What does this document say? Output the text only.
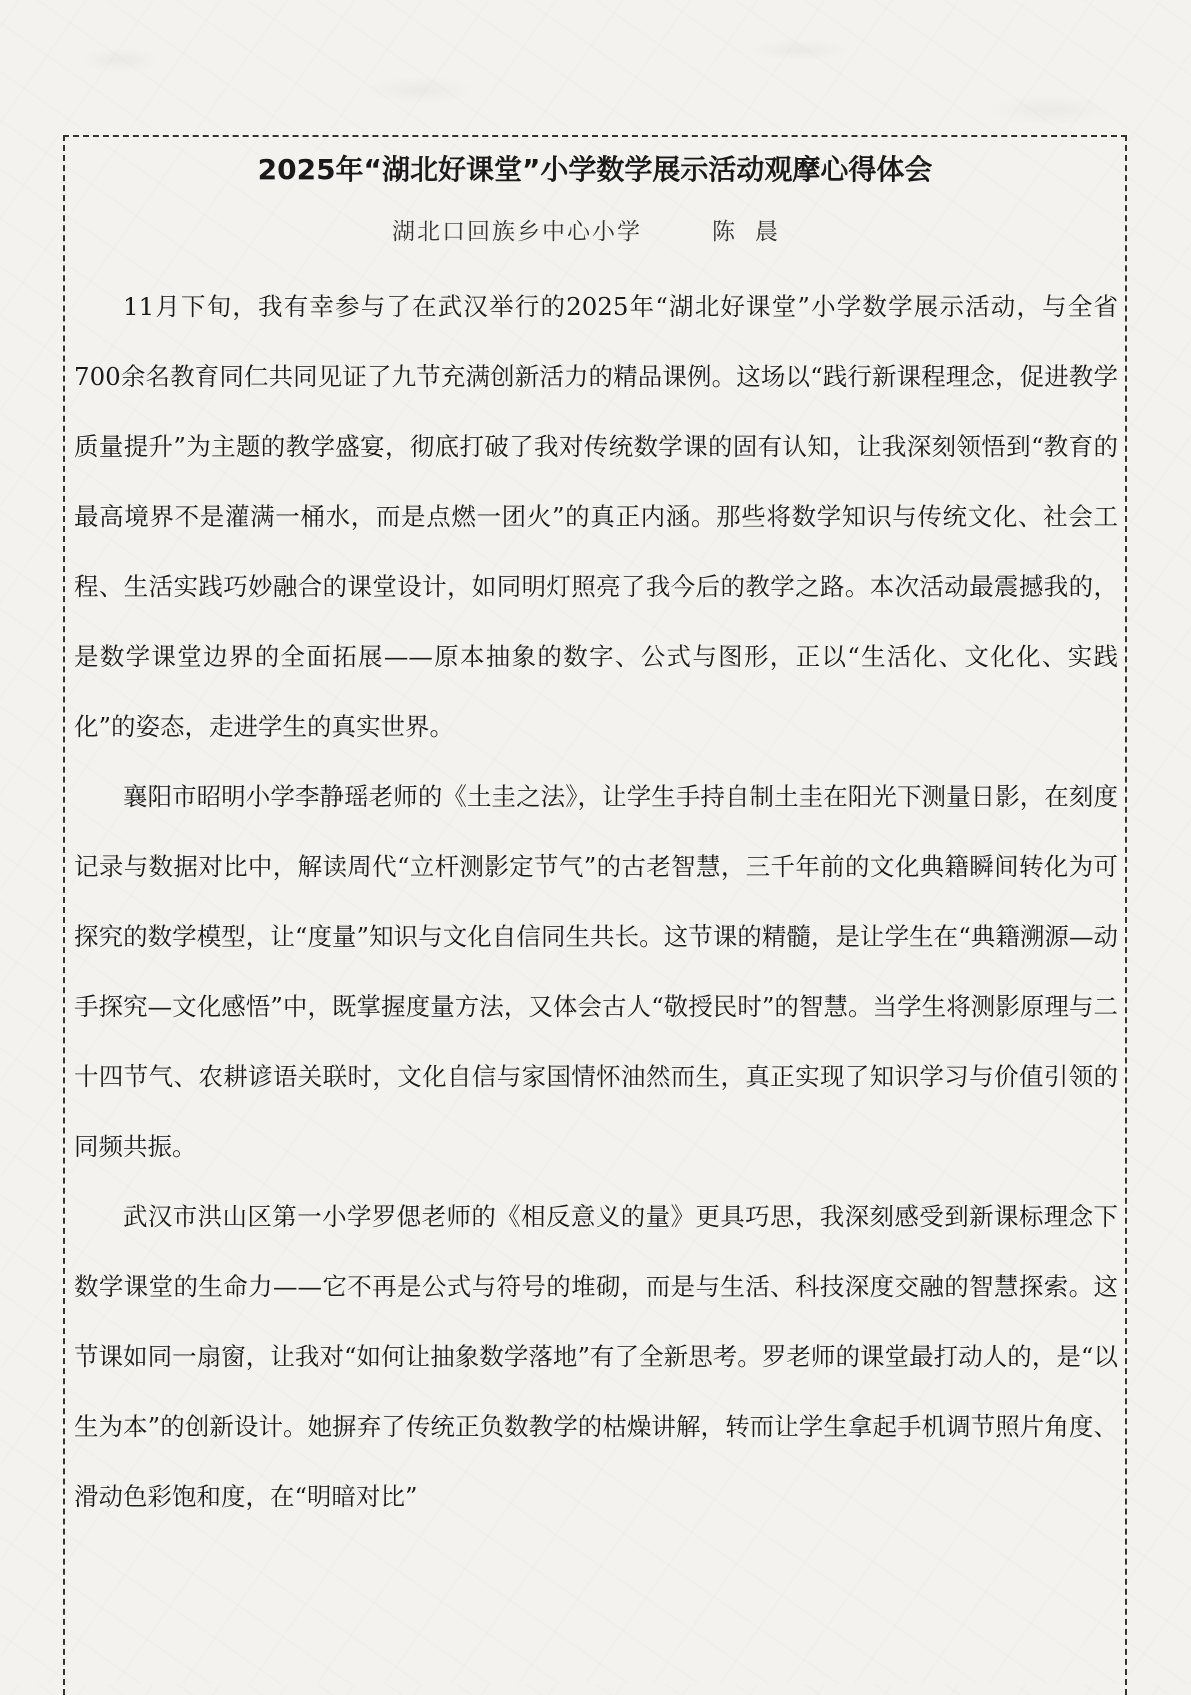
2025年“湖北好课堂”小学数学展示活动观摩心得体会
湖北口回族乡中心小学	陈晨

11月下旬，我有幸参与了在武汉举行的2025年“湖北好课堂”小学数学展示活动，与全省700余名教育同仁共同见证了九节充满创新活力的精品课例。这场以“践行新课程理念，促进教学质量提升”为主题的教学盛宴，彻底打破了我对传统数学课的固有认知，让我深刻领悟到“教育的最高境界不是灌满一桶水，而是点燃一团火”的真正内涵。那些将数学知识与传统文化、社会工程、生活实践巧妙融合的课堂设计，如同明灯照亮了我今后的教学之路。本次活动最震撼我的，是数学课堂边界的全面拓展——原本抽象的数字、公式与图形，正以“生活化、文化化、实践化”的姿态，走进学生的真实世界。

襄阳市昭明小学李静瑶老师的《土圭之法》，让学生手持自制土圭在阳光下测量日影，在刻度记录与数据对比中，解读周代“立杆测影定节气”的古老智慧，三千年前的文化典籍瞬间转化为可探究的数学模型，让“度量”知识与文化自信同生共长。这节课的精髓，是让学生在“典籍溯源—动手探究—文化感悟”中，既掌握度量方法，又体会古人“敬授民时”的智慧。当学生将测影原理与二十四节气、农耕谚语关联时，文化自信与家国情怀油然而生，真正实现了知识学习与价值引领的同频共振。

武汉市洪山区第一小学罗偲老师的《相反意义的量》更具巧思，我深刻感受到新课标理念下数学课堂的生命力——它不再是公式与符号的堆砌，而是与生活、科技深度交融的智慧探索。这节课如同一扇窗，让我对“如何让抽象数学落地”有了全新思考。罗老师的课堂最打动人的，是“以生为本”的创新设计。她摒弃了传统正负数教学的枯燥讲解，转而让学生拿起手机调节照片角度、滑动色彩饱和度，在“明暗对比”
